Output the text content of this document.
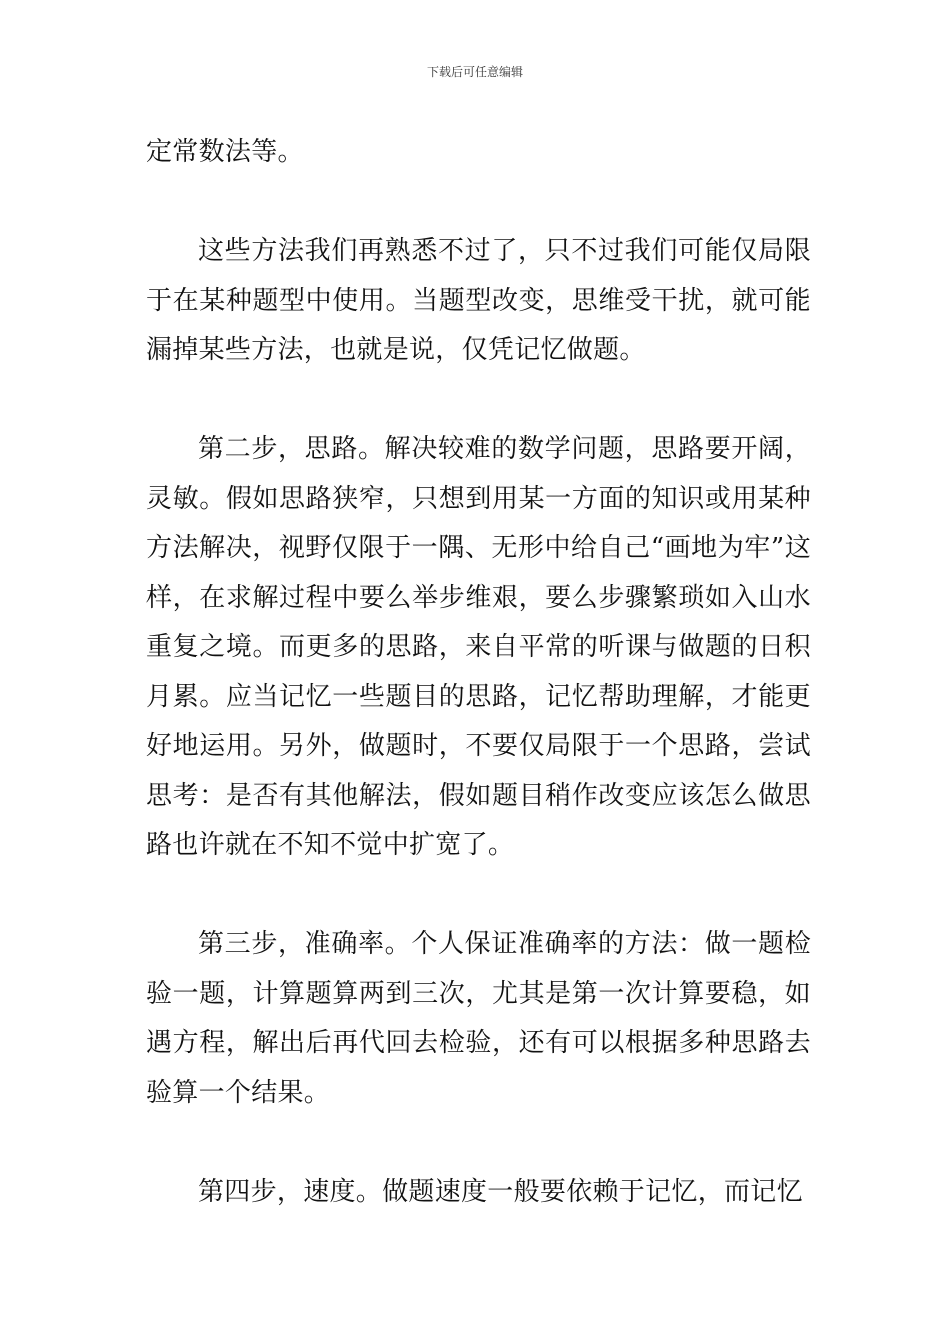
下载后可任意编辑

定常数法等。

这些方法我们再熟悉不过了，只不过我们可能仅局限于在某种题型中使用。当题型改变，思维受干扰，就可能漏掉某些方法，也就是说，仅凭记忆做题。

第二步，思路。解决较难的数学问题，思路要开阔，灵敏。假如思路狭窄，只想到用某一方面的知识或用某种方法解决，视野仅限于一隅、无形中给自己“画地为牢”这样，在求解过程中要么举步维艰，要么步骤繁琐如入山水重复之境。而更多的思路，来自平常的听课与做题的日积月累。应当记忆一些题目的思路，记忆帮助理解，才能更好地运用。另外，做题时，不要仅局限于一个思路，尝试思考：是否有其他解法，假如题目稍作改变应该怎么做思路也许就在不知不觉中扩宽了。

第三步，准确率。个人保证准确率的方法：做一题检验一题，计算题算两到三次，尤其是第一次计算要稳，如遇方程，解出后再代回去检验，还有可以根据多种思路去验算一个结果。

第四步，速度。做题速度一般要依赖于记忆，而记忆
